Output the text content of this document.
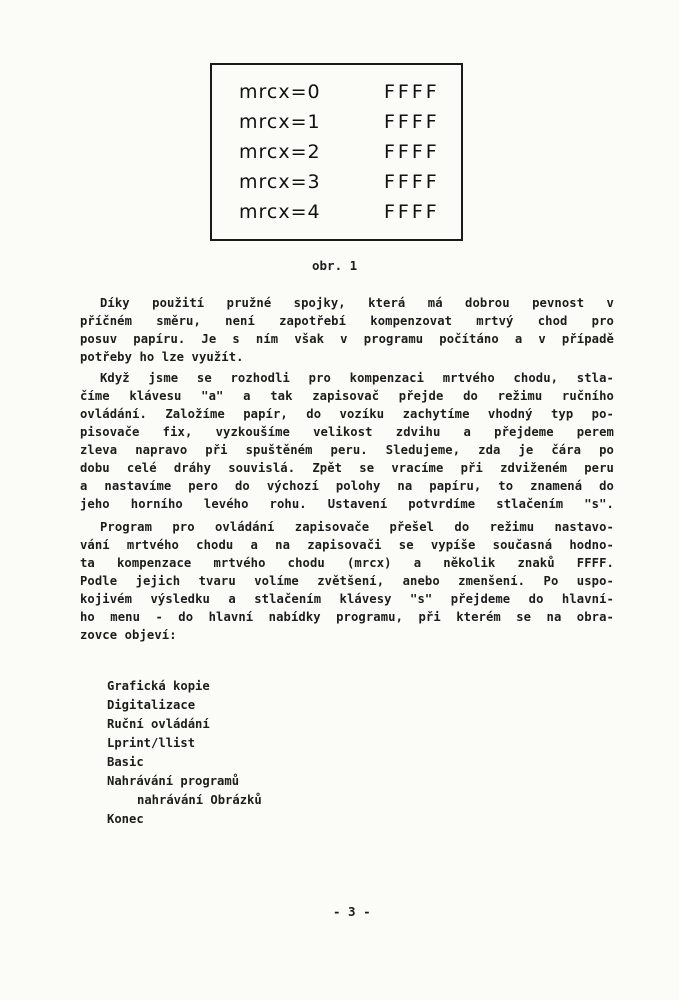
mrcx=0	FFFF
mrcx=1	FFFF
mrcx=2	FFFF
mrcx=3	FFFF
mrcx=4	FFFF
obr. 1
Díky použití pružné spojky, která má dobrou pevnost v
příčném směru, není zapotřebí kompenzovat mrtvý chod pro
posuv papíru. Je s ním však v programu počítáno a v případě
potřeby ho lze využít.
Když jsme se rozhodli pro kompenzaci mrtvého chodu, stla-
číme klávesu "a" a tak zapisovač přejde do režimu ručního
ovládání. Založíme papír, do vozíku zachytíme vhodný typ po-
pisovače fix, vyzkoušíme velikost zdvihu a přejdeme perem
zleva napravo při spuštěném peru. Sledujeme, zda je čára po
dobu celé dráhy souvislá. Zpět se vracíme při zdviženém peru
a nastavíme pero do výchozí polohy na papíru, to znamená do
jeho horního levého rohu. Ustavení potvrdíme stlačením "s".
Program pro ovládání zapisovače přešel do režimu nastavo-
vání mrtvého chodu a na zapisovači se vypíše současná hodno-
ta kompenzace mrtvého chodu (mrcx) a několik znaků FFFF.
Podle jejich tvaru volíme zvětšení, anebo zmenšení. Po uspo-
kojivém výsledku a stlačením klávesy "s" přejdeme do hlavní-
ho menu - do hlavní nabídky programu, při kterém se na obra-
zovce objeví:
Grafická kopie
Digitalizace
Ruční ovládání
Lprint/llist
Basic
Nahrávání programů
nahrávání Obrázků
Konec
- 3 -
